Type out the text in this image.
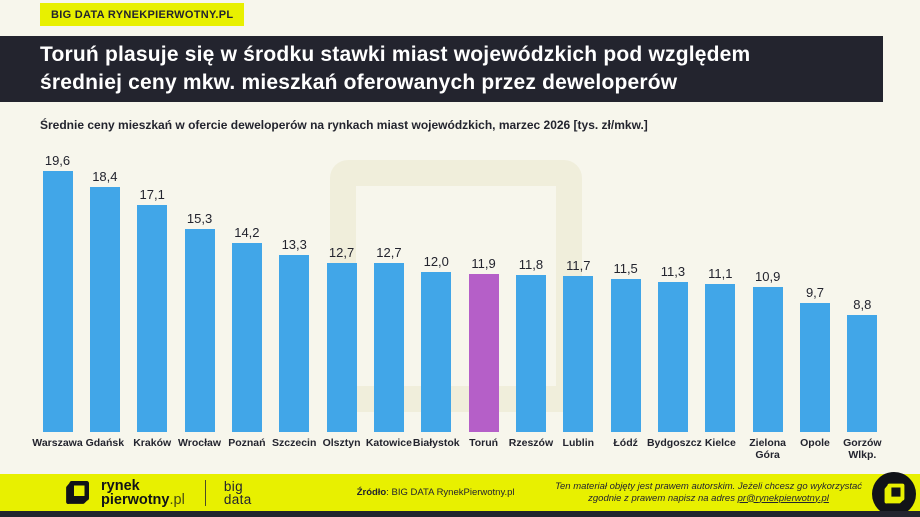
BIG DATA RYNEKPIERWOTNY.PL
Toruń plasuje się w środku stawki miast wojewódzkich pod względem
średniej ceny mkw. mieszkań oferowanych przez deweloperów
Średnie ceny mieszkań w ofercie deweloperów na rynkach miast wojewódzkich, marzec 2026 [tys. zł/mkw.]
19,6
Warszawa
18,4
Gdańsk
17,1
Kraków
15,3
Wrocław
14,2
Poznań
13,3
Szczecin
12,7
Olsztyn
12,7
Katowice
12,0
Białystok
11,9
Toruń
11,8
Rzeszów
11,7
Lublin
11,5
Łódź
11,3
Bydgoszcz
11,1
Kielce
10,9
Zielona Góra
9,7
Opole
8,8
Gorzów Wlkp.
rynek
pierwotny.pl
big
data	Źródło: BIG DATA RynekPierwotny.pl
Ten materiał objęty jest prawem autorskim. Jeżeli chcesz go wykorzystać
zgodnie z prawem napisz na adres pr@rynekpierwotny.pl
